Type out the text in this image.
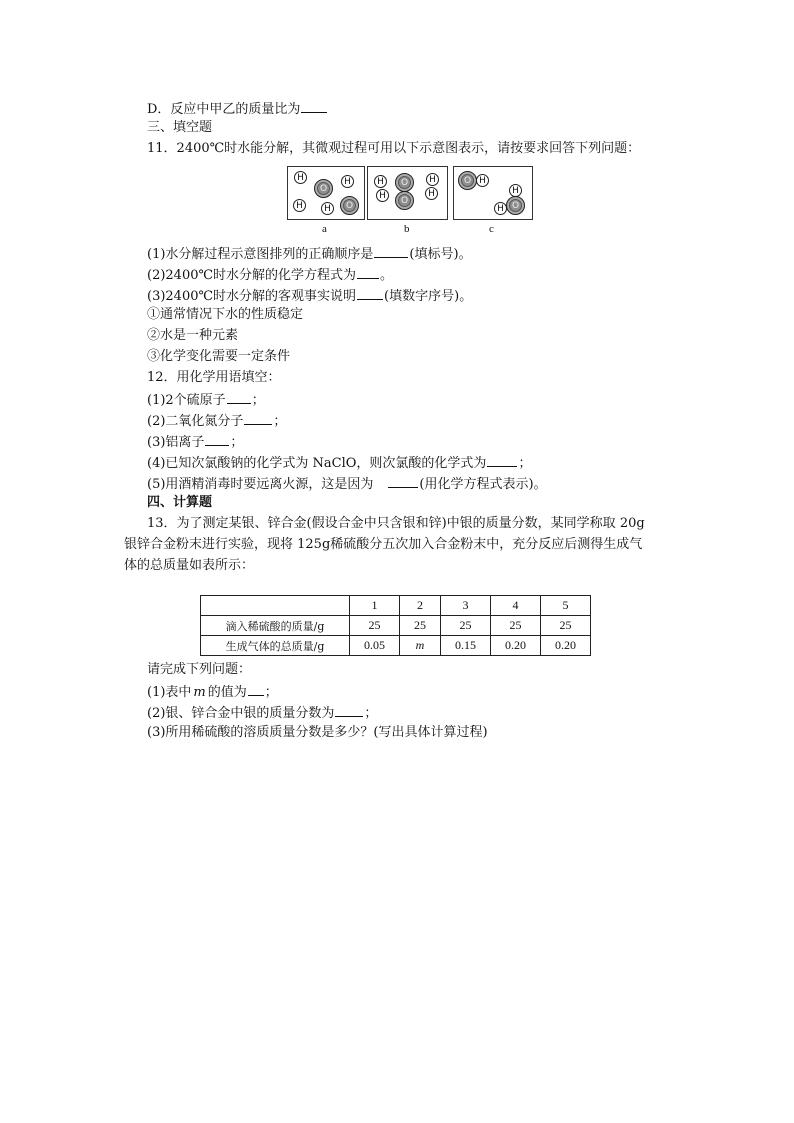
D．反应中甲乙的质量比为
三、填空题
11．2400℃时水能分解，其微观过程可用以下示意图表示，请按要求回答下列问题：
H
O
H
H H	O
a
H	O	H
H	O
H
b
O H
H
H O
c
(1)水分解过程示意图排列的正确顺序是	(填标号)。
(2)2400℃时水分解的化学方程式为 。
(3)2400℃时水分解的客观事实说明 (填数字序号)。
①通常情况下水的性质稳定
②水是一种元素
③化学变化需要一定条件
12．用化学用语填空：
(1)2个硫原子 ；
(2)二氧化氮分子 ；
(3)铝离子 ；
(4)已知次氯酸钠的化学式为 NaClO，则次氯酸的化学式为 ；
(5)用酒精消毒时要远离火源，这是因为	(用化学方程式表示)。
四、计算题
13．为了测定某银、锌合金(假设合金中只含银和锌)中银的质量分数，某同学称取 20g
银锌合金粉末进行实验，现将 125g稀硫酸分五次加入合金粉末中，充分反应后测得生成气
体的总质量如表所示：
	1	2	3	4	5
滴入稀硫酸的质量/g	25	25	25	25	25
生成气体的总质量/g	0.05	m	0.15	0.20	0.20
请完成下列问题：
(1)表中 m 的值为 ；
(2)银、锌合金中银的质量分数为 ；
(3)所用稀硫酸的溶质质量分数是多少？(写出具体计算过程)
